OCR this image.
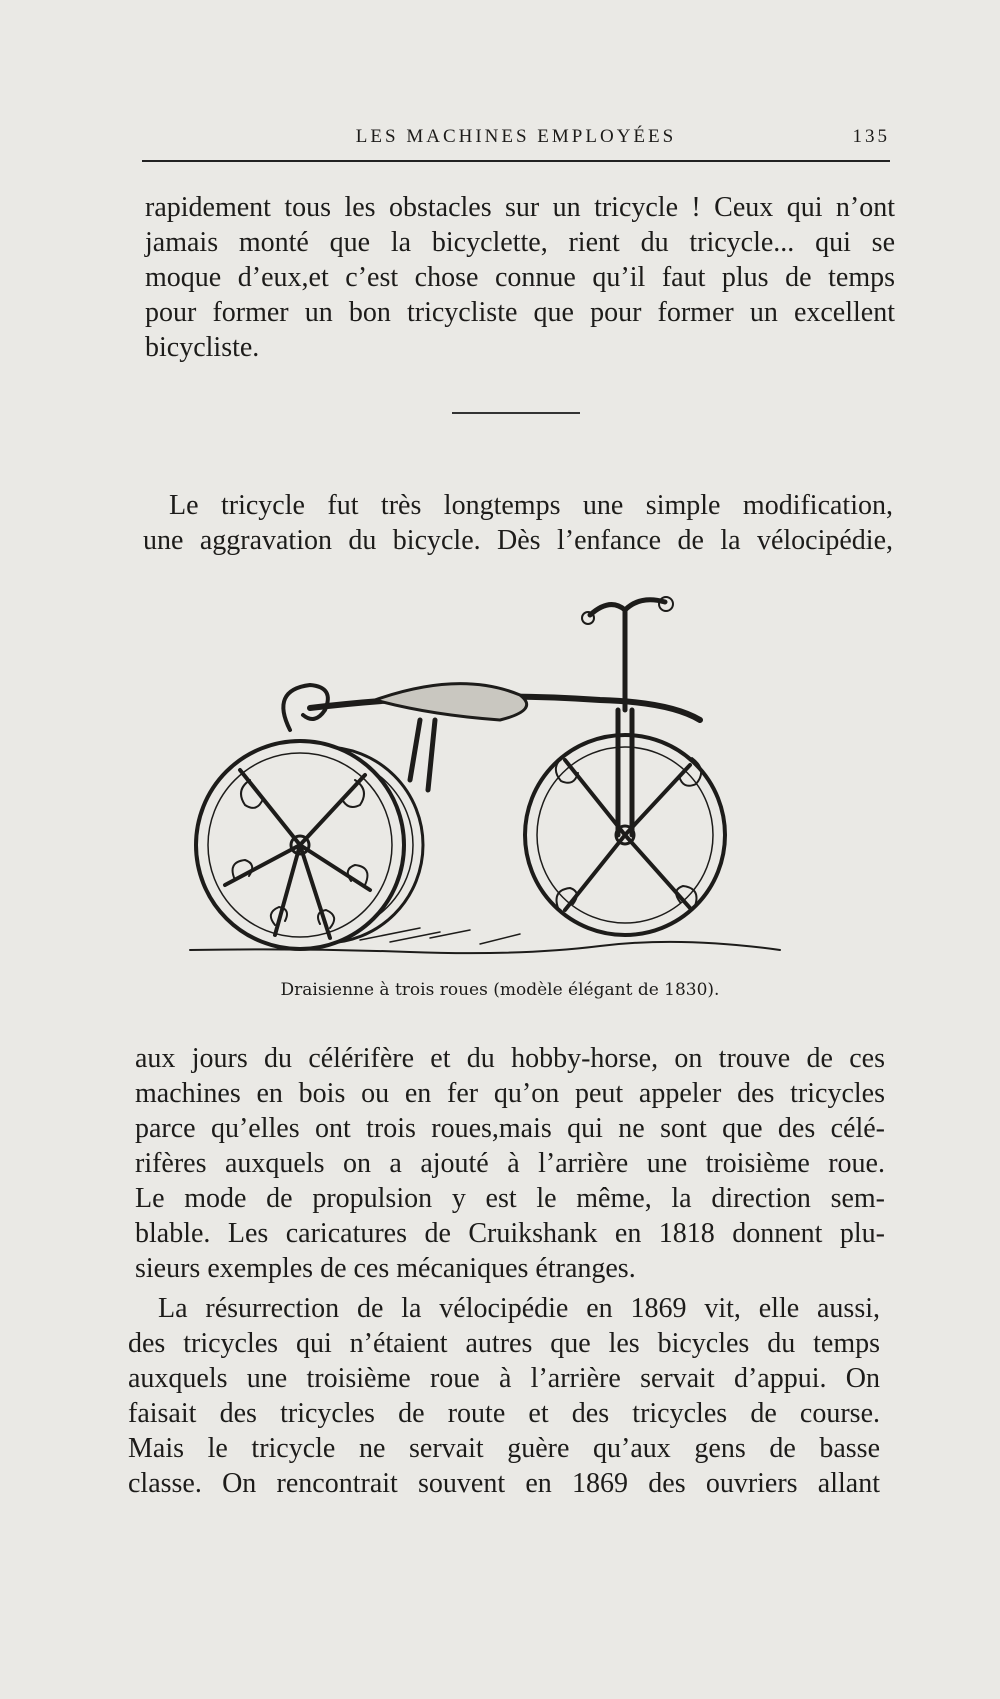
LES MACHINES EMPLOYÉES	135
rapidement tous les obstacles sur un tricycle ! Ceux qui n’ont
jamais monté que la bicyclette, rient du tricycle... qui se
moque d’eux,et c’est chose connue qu’il faut plus de temps
pour former un bon tricycliste que pour former un excellent
bicycliste.
Le tricycle fut très longtemps une simple modification,
une aggravation du bicycle. Dès l’enfance de la vélocipédie,
Draisienne à trois roues (modèle élégant de 1830).
aux jours du célérifère et du hobby-horse, on trouve de ces
machines en bois ou en fer qu’on peut appeler des tricycles
parce qu’elles ont trois roues,mais qui ne sont que des célé-
rifères auxquels on a ajouté à l’arrière une troisième roue.
Le mode de propulsion y est le même, la direction sem-
blable. Les caricatures de Cruikshank en 1818 donnent plu-
sieurs exemples de ces mécaniques étranges.
La résurrection de la vélocipédie en 1869 vit, elle aussi,
des tricycles qui n’étaient autres que les bicycles du temps
auxquels une troisième roue à l’arrière servait d’appui. On
faisait des tricycles de route et des tricycles de course.
Mais le tricycle ne servait guère qu’aux gens de basse
classe. On rencontrait souvent en 1869 des ouvriers allant
